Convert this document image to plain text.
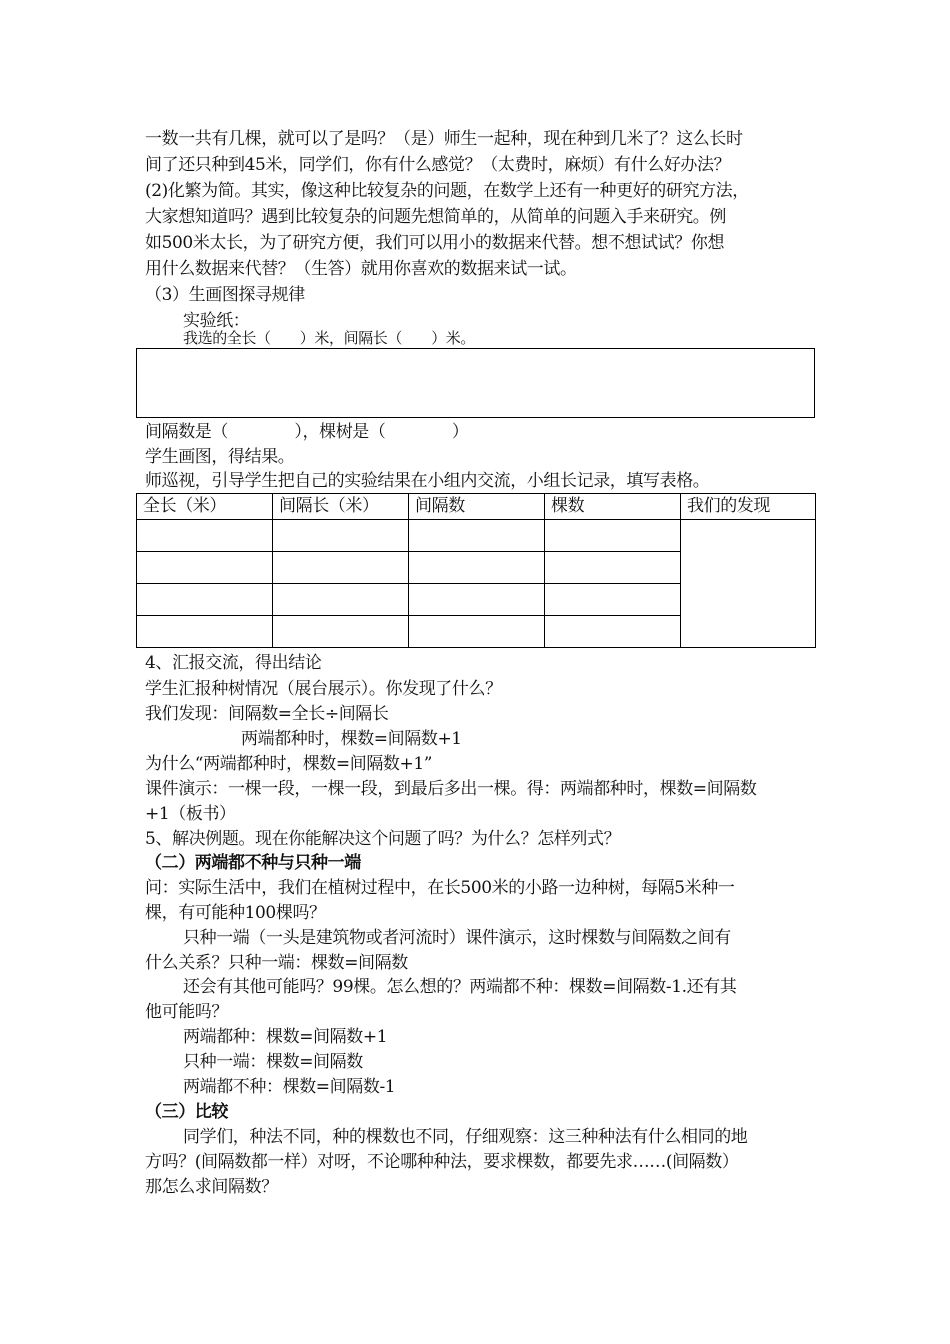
一数一共有几棵，就可以了是吗？（是）师生一起种，现在种到几米了？这么长时
间了还只种到45米，同学们，你有什么感觉？（太费时，麻烦）有什么好办法？
(2)化繁为简。其实，像这种比较复杂的问题，在数学上还有一种更好的研究方法，
大家想知道吗？遇到比较复杂的问题先想简单的，从简单的问题入手来研究。例
如500米太长，为了研究方便，我们可以用小的数据来代替。想不想试试？你想
用什么数据来代替？（生答）就用你喜欢的数据来试一试。
（3）生画图探寻规律
实验纸：
我选的全长（　　）米，间隔长（　　）米。
间隔数是（　　　　），棵树是（　　　　）
学生画图，得结果。
师巡视，引导学生把自己的实验结果在小组内交流，小组长记录，填写表格。
全长（米）	间隔长（米）	间隔数	棵数	我们的发现

4、汇报交流，得出结论
学生汇报种树情况（展台展示）。你发现了什么？
我们发现：间隔数=全长÷间隔长
两端都种时，棵数=间隔数+1
为什么“两端都种时，棵数=间隔数+1”
课件演示：一棵一段，一棵一段，到最后多出一棵。得：两端都种时，棵数=间隔数
+1（板书）
5、解决例题。现在你能解决这个问题了吗？为什么？怎样列式？
（二）两端都不种与只种一端
问：实际生活中，我们在植树过程中，在长500米的小路一边种树，每隔5米种一
棵，有可能种100棵吗？
只种一端（一头是建筑物或者河流时）课件演示，这时棵数与间隔数之间有
什么关系？只种一端：棵数=间隔数
还会有其他可能吗？99棵。怎么想的？两端都不种：棵数=间隔数-1.还有其
他可能吗？
两端都种：棵数=间隔数+1
只种一端：棵数=间隔数
两端都不种：棵数=间隔数-1
（三）比较
同学们，种法不同，种的棵数也不同，仔细观察：这三种种法有什么相同的地
方吗？(间隔数都一样）对呀，不论哪种种法，要求棵数，都要先求……(间隔数）
那怎么求间隔数？
